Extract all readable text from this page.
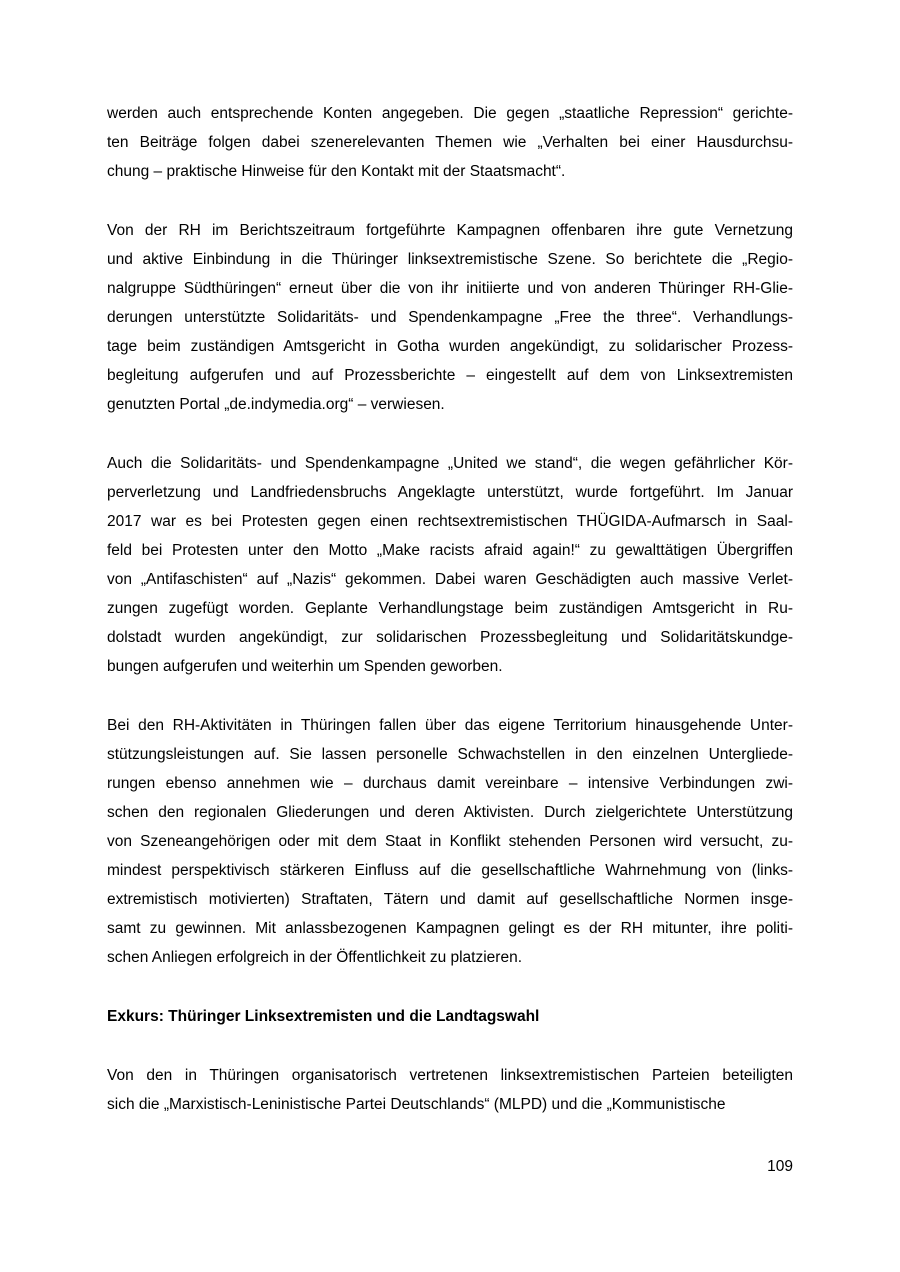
werden auch entsprechende Konten angegeben. Die gegen „staatliche Repression“ gerichte-
ten Beiträge folgen dabei szenerelevanten Themen wie „Verhalten bei einer Hausdurchsu-
chung – praktische Hinweise für den Kontakt mit der Staatsmacht“.
Von der RH im Berichtszeitraum fortgeführte Kampagnen offenbaren ihre gute Vernetzung
und aktive Einbindung in die Thüringer linksextremistische Szene. So berichtete die „Regio-
nalgruppe Südthüringen“ erneut über die von ihr initiierte und von anderen Thüringer RH-Glie-
derungen unterstützte Solidaritäts- und Spendenkampagne „Free the three“. Verhandlungs-
tage beim zuständigen Amtsgericht in Gotha wurden angekündigt, zu solidarischer Prozess-
begleitung aufgerufen und auf Prozessberichte – eingestellt auf dem von Linksextremisten
genutzten Portal „de.indymedia.org“ – verwiesen.
Auch die Solidaritäts- und Spendenkampagne „United we stand“, die wegen gefährlicher Kör-
perverletzung und Landfriedensbruchs Angeklagte unterstützt, wurde fortgeführt. Im Januar
2017 war es bei Protesten gegen einen rechtsextremistischen THÜGIDA-Aufmarsch in Saal-
feld bei Protesten unter den Motto „Make racists afraid again!“ zu gewalttätigen Übergriffen
von „Antifaschisten“ auf „Nazis“ gekommen. Dabei waren Geschädigten auch massive Verlet-
zungen zugefügt worden. Geplante Verhandlungstage beim zuständigen Amtsgericht in Ru-
dolstadt wurden angekündigt, zur solidarischen Prozessbegleitung und Solidaritätskundge-
bungen aufgerufen und weiterhin um Spenden geworben.
Bei den RH-Aktivitäten in Thüringen fallen über das eigene Territorium hinausgehende Unter-
stützungsleistungen auf. Sie lassen personelle Schwachstellen in den einzelnen Untergliede-
rungen ebenso annehmen wie – durchaus damit vereinbare – intensive Verbindungen zwi-
schen den regionalen Gliederungen und deren Aktivisten. Durch zielgerichtete Unterstützung
von Szeneangehörigen oder mit dem Staat in Konflikt stehenden Personen wird versucht, zu-
mindest perspektivisch stärkeren Einfluss auf die gesellschaftliche Wahrnehmung von (links-
extremistisch motivierten) Straftaten, Tätern und damit auf gesellschaftliche Normen insge-
samt zu gewinnen. Mit anlassbezogenen Kampagnen gelingt es der RH mitunter, ihre politi-
schen Anliegen erfolgreich in der Öffentlichkeit zu platzieren.
Exkurs: Thüringer Linksextremisten und die Landtagswahl
Von den in Thüringen organisatorisch vertretenen linksextremistischen Parteien beteiligten
sich die „Marxistisch-Leninistische Partei Deutschlands“ (MLPD) und die „Kommunistische
109
